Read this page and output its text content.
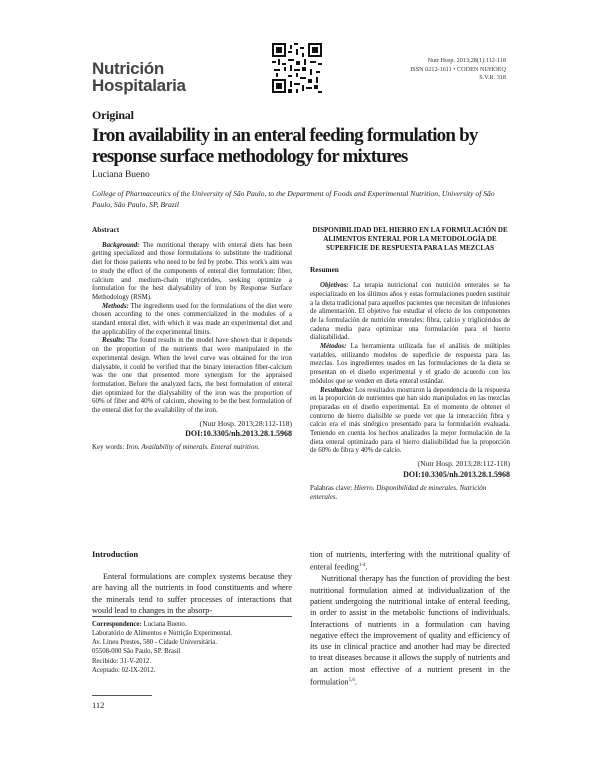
Nutrición
Hospitalaria
Nutr Hosp. 2013;28(1):112-118
ISSN 0212-1611 • CODEN NUHOEQ
S.V.R. 318
Original
Iron availability in an enteral feeding formulation by response surface methodology for mixtures
Luciana Bueno
College of Pharmaceutics of the University of São Paulo, to the Department of Foods and Experimental Nutrition, University of São Paulo, São Paulo, SP, Brazil
Abstract

Background: The nutritional therapy with enteral diets has been getting specialized and those formulations to substitute the traditional diet for those patients who need to be fed by probe. This work's aim was to study the effect of the components of enteral diet formulation: fiber, calcium and medium-chain triglycerides, seeking optimize a formulation for the best dialysability of iron by Response Surface Methodology (RSM).

Methods: The ingredients used for the formulations of the diet were chosen according to the ones commercialized in the modules of a standard enteral diet, with which it was made an experimental diet and the applicability of the experimental limits.

Results: The found results in the model have shown that it depends on the proportion of the nutrients that were manipulated in the experimental design. When the level curve was obtained for the iron dialysable, it could be verified that the binary interaction fiber-calcium was the one that presented more synergism for the appraised formulation. Before the analyzed facts, the best formulation of enteral diet optimized for the dialysability of the iron was the proportion of 60% of fiber and 40% of calcium, showing to be the best formulation of the enteral diet for the availability of the iron.

(Nutr Hosp. 2013;28:112-118)
DOI:10.3305/nh.2013.28.1.5968
Key words: Iron. Availability of minerals. Enteral nutrition.
DISPONIBILIDAD DEL HIERRO EN LA FORMULACIÓN DE ALIMENTOS ENTERAL POR LA METODOLOGÍA DE SUPERFICIE DE RESPUESTA PARA LAS MEZCLAS
Resumen

Objetivos: La terapia nutricional con nutrición enterales se ha especializado en los últimos años y estas formulaciones pueden sustituir a la dieta tradicional para aquellos pacientes que necesitan de infusiones de alimentación. El objetivo fue estudiar el efecto de los componentes de la formulación de nutrición enterales: fibra, calcio y triglicéridos de cadena media para optimizar una formulación para el hierro dializabilidad.

Métodos: La herramienta utilizada fue el análisis de múltiples variables, utilizando modelos de superficie de respuesta para las mezclas. Los ingredientes usados en las formulaciones de la dieta se presentan en el diseño experimental y el grado de acuerdo con los módulos que se venden en dieta enteral estándar.

Resultados: Los resultados mostraron la dependencia de la respuesta en la proporción de nutrientes que han sido manipulados en las mezclas preparadas en el diseño experimental. En el momento de obtener el contorno de hierro dialisible se puede ver que la interacción fibra y calcio era el más sinérgico presentado para la formulación evaluada. Teniendo en cuenta los hechos analizados la mejor formulación de la dieta enteral optimizado para el hierro dialisibilidad fue la proporción de 60% de fibra y 40% de calcio.

(Nutr Hosp. 2013;28:112-118)
DOI:10.3305/nh.2013.28.1.5968
Palabras clave: Hierro. Disponibilidad de minerales. Nutrición enterales.
Introduction

Enteral formulations are complex systems because they are having all the nutrients in food constituents and where the minerals tend to suffer processes of interactions that would lead to changes in the absorp-

tion of nutrients, interfering with the nutritional quality of enteral feeding$^{1-4}$.

Nutritional therapy has the function of providing the best nutritional formulation aimed at individualization of the patient undergoing the nutritional intake of enteral feeding, in order to assist in the metabolic functions of individuals. Interactions of nutrients in a formulation can having negative effect the improvement of quality and efficiency of its use in clinical practice and another had may be directed to treat diseases because it allows the supply of nutrients and an action most effective of a nutrient present in the formulation$^{5,6}$.

Correspondence: Luciana Bueno.
Laboratório de Alimentos e Nutrição Experimental.
Av. Lineu Prestes, 580 - Cidade Universitária.
05508-000 São Paulo, SP. Brasil
Recibido: 31-V-2012.
Aceptado: 02-IX-2012.
112
